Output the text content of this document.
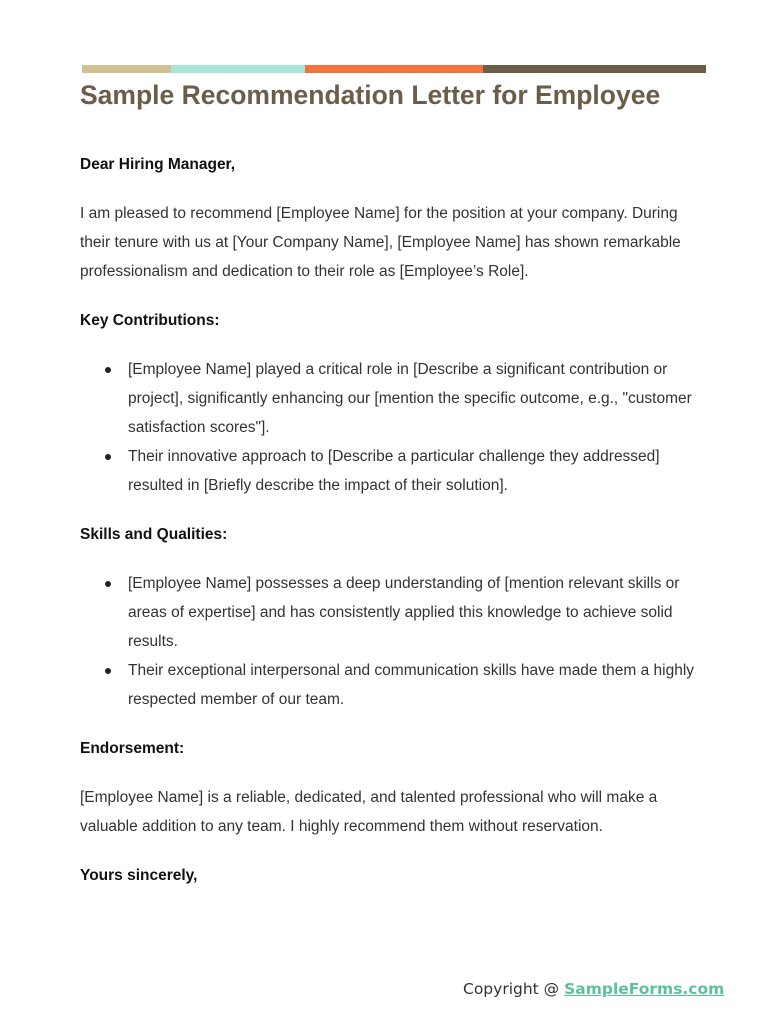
Sample Recommendation Letter for Employee

Dear Hiring Manager,

I am pleased to recommend [Employee Name] for the position at your company. During their tenure with us at [Your Company Name], [Employee Name] has shown remarkable professionalism and dedication to their role as [Employee’s Role].

Key Contributions:

[Employee Name] played a critical role in [Describe a significant contribution or project], significantly enhancing our [mention the specific outcome, e.g., "customer satisfaction scores"].
Their innovative approach to [Describe a particular challenge they addressed] resulted in [Briefly describe the impact of their solution].

Skills and Qualities:

[Employee Name] possesses a deep understanding of [mention relevant skills or areas of expertise] and has consistently applied this knowledge to achieve solid results.
Their exceptional interpersonal and communication skills have made them a highly respected member of our team.

Endorsement:

[Employee Name] is a reliable, dedicated, and talented professional who will make a valuable addition to any team. I highly recommend them without reservation.

Yours sincerely,

Copyright @ SampleForms.com
